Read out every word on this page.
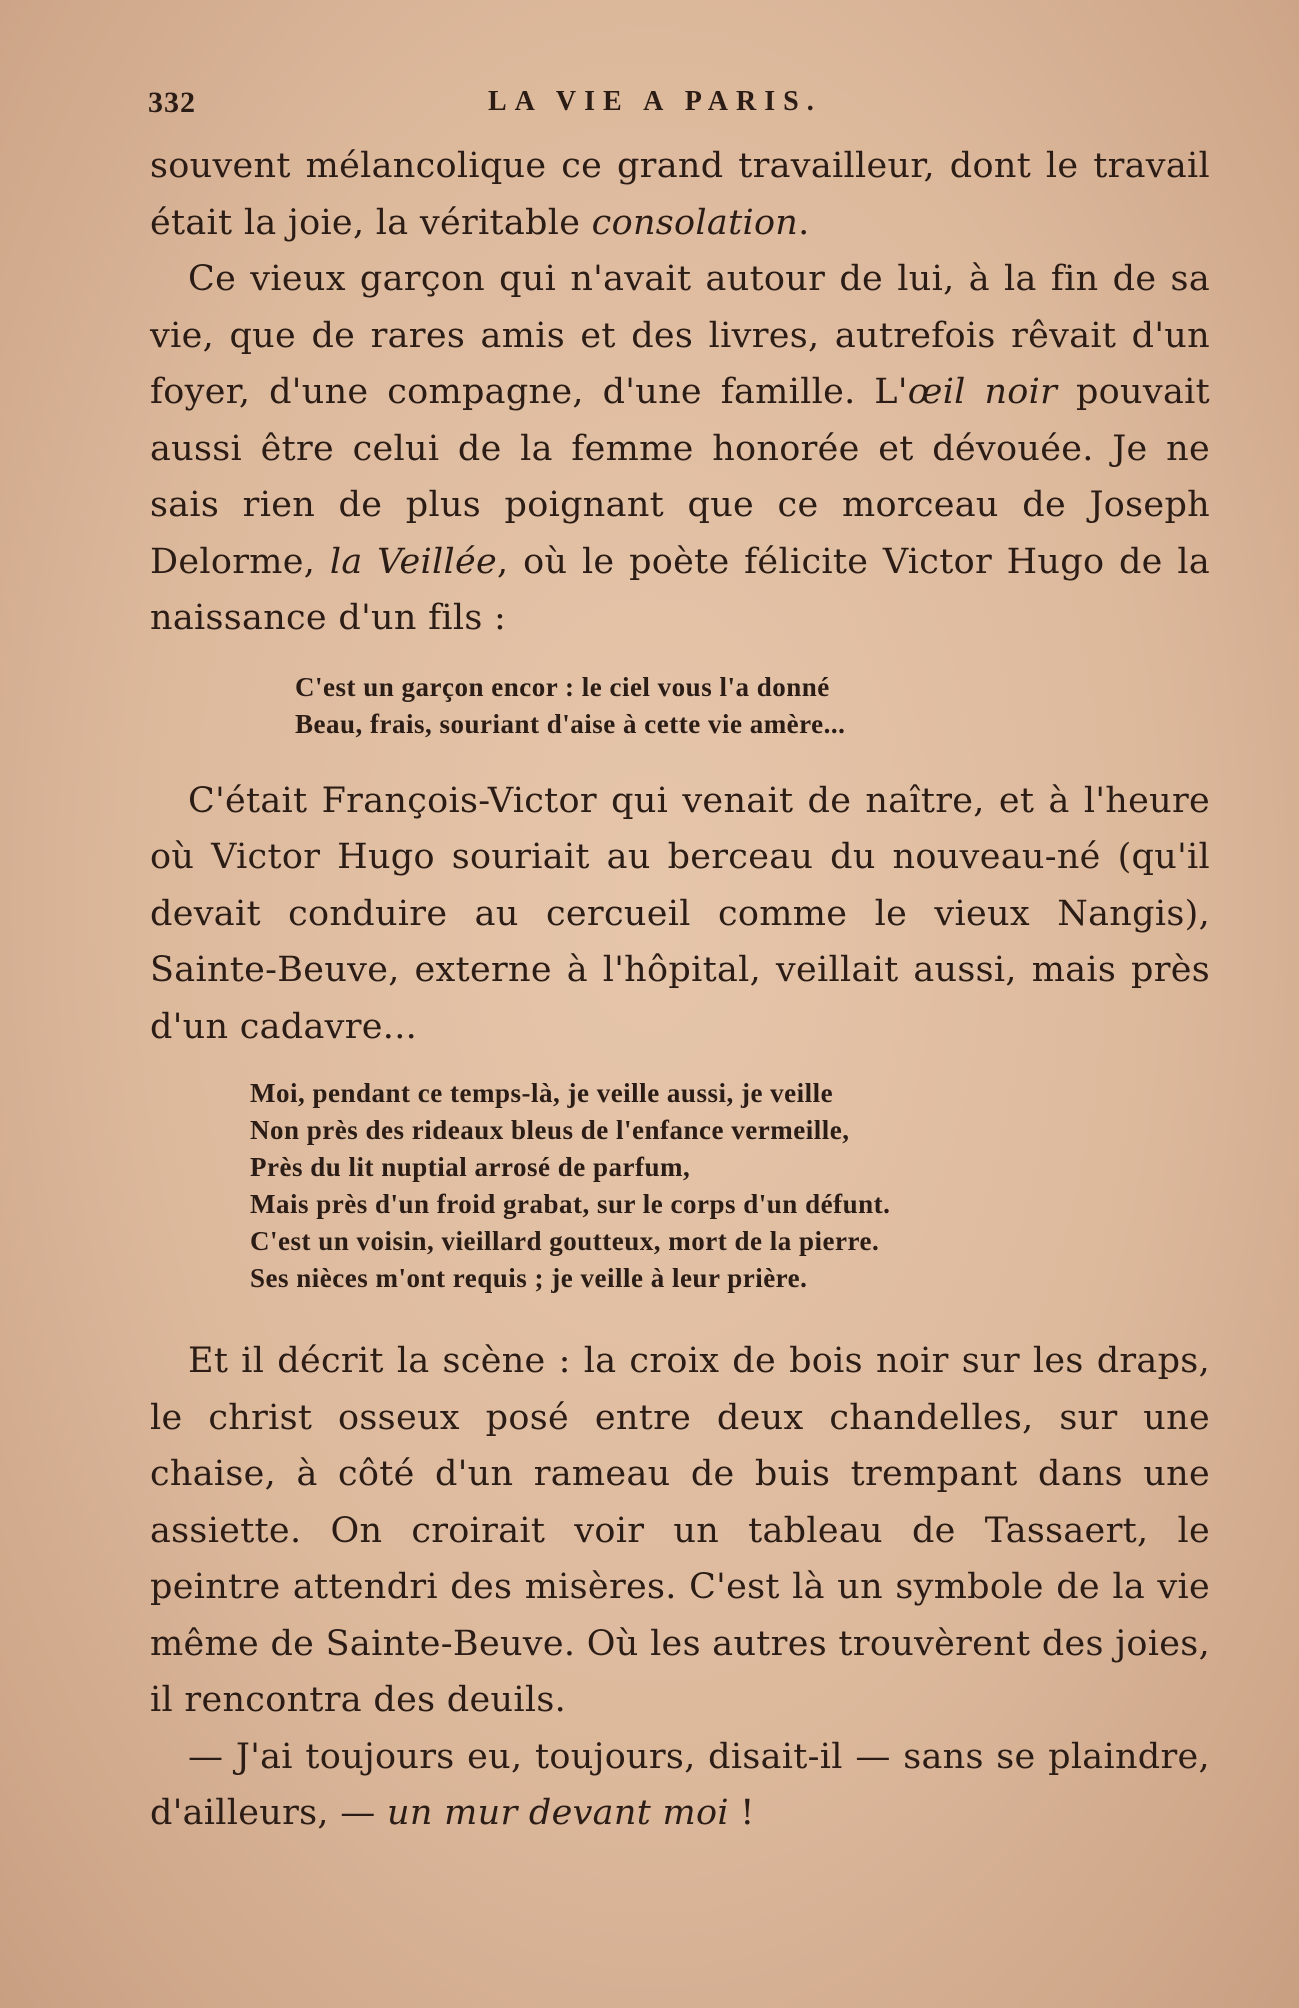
332	LA VIE A PARIS.

souvent mélancolique ce grand travailleur, dont le travail était la joie, la véritable consolation.

Ce vieux garçon qui n'avait autour de lui, à la fin de sa vie, que de rares amis et des livres, autrefois rêvait d'un foyer, d'une compagne, d'une famille. L'œil noir pouvait aussi être celui de la femme honorée et dévouée. Je ne sais rien de plus poignant que ce morceau de Joseph Delorme, la Veillée, où le poète félicite Victor Hugo de la naissance d'un fils :

C'est un garçon encor : le ciel vous l'a donné
Beau, frais, souriant d'aise à cette vie amère...

C'était François-Victor qui venait de naître, et à l'heure où Victor Hugo souriait au berceau du nouveau-né (qu'il devait conduire au cercueil comme le vieux Nangis), Sainte-Beuve, externe à l'hôpital, veillait aussi, mais près d'un cadavre...

Moi, pendant ce temps-là, je veille aussi, je veille
Non près des rideaux bleus de l'enfance vermeille,
Près du lit nuptial arrosé de parfum,
Mais près d'un froid grabat, sur le corps d'un défunt.
C'est un voisin, vieillard goutteux, mort de la pierre.
Ses nièces m'ont requis ; je veille à leur prière.

Et il décrit la scène : la croix de bois noir sur les draps, le christ osseux posé entre deux chandelles, sur une chaise, à côté d'un rameau de buis trempant dans une assiette. On croirait voir un tableau de Tassaert, le peintre attendri des misères. C'est là un symbole de la vie même de Sainte-Beuve. Où les autres trouvèrent des joies, il rencontra des deuils.

— J'ai toujours eu, toujours, disait-il — sans se plaindre, d'ailleurs, — un mur devant moi !
